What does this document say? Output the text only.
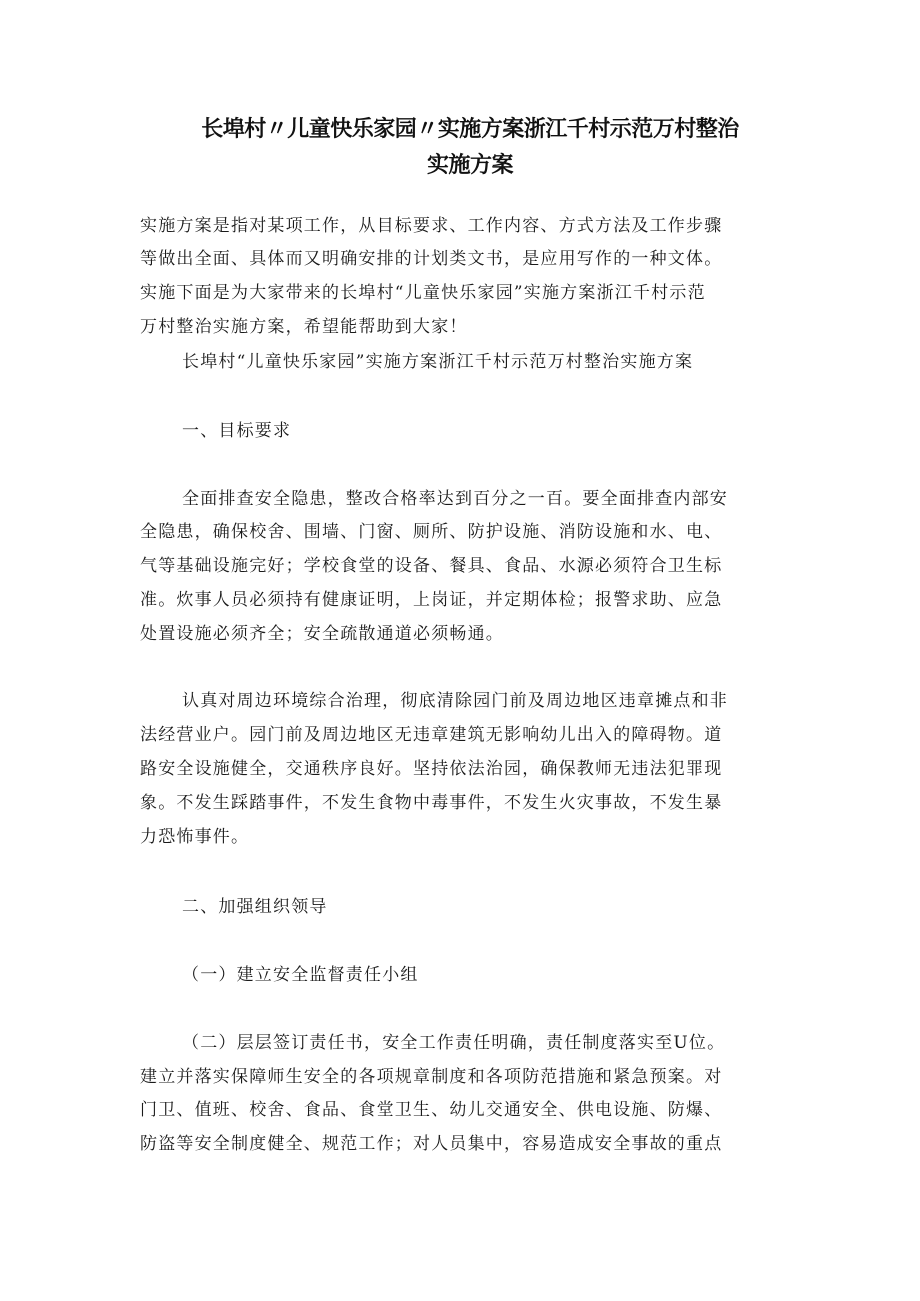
长埠村〃儿童快乐家园〃实施方案浙江千村示范万村整治
实施方案
实施方案是指对某项工作，从目标要求、工作内容、方式方法及工作步骤
等做出全面、具体而又明确安排的计划类文书，是应用写作的一种文体。
实施下面是为大家带来的长埠村“儿童快乐家园”实施方案浙江千村示范
万村整治实施方案，希望能帮助到大家！
长埠村“儿童快乐家园”实施方案浙江千村示范万村整治实施方案
一、目标要求
全面排查安全隐患，整改合格率达到百分之一百。要全面排查内部安
全隐患，确保校舍、围墙、门窗、厕所、防护设施、消防设施和水、电、
气等基础设施完好；学校食堂的设备、餐具、食品、水源必须符合卫生标
准。炊事人员必须持有健康证明，上岗证，并定期体检；报警求助、应急
处置设施必须齐全；安全疏散通道必须畅通。
认真对周边环境综合治理，彻底清除园门前及周边地区违章摊点和非
法经营业户。园门前及周边地区无违章建筑无影响幼儿出入的障碍物。道
路安全设施健全，交通秩序良好。坚持依法治园，确保教师无违法犯罪现
象。不发生踩踏事件，不发生食物中毒事件，不发生火灾事故，不发生暴
力恐怖事件。
二、加强组织领导
（一）建立安全监督责任小组
（二）层层签订责任书，安全工作责任明确，责任制度落实至U位。
建立并落实保障师生安全的各项规章制度和各项防范措施和紧急预案。对
门卫、值班、校舍、食品、食堂卫生、幼儿交通安全、供电设施、防爆、
防盗等安全制度健全、规范工作；对人员集中，容易造成安全事故的重点
